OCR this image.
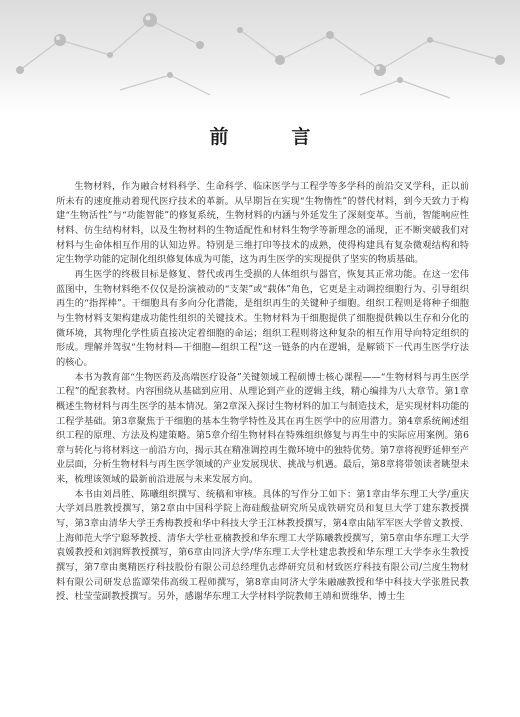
前　言

生物材料，作为融合材料科学、生命科学、临床医学与工程学等多学科的前沿交叉学科，正以前所未有的速度推动着现代医疗技术的革新。从早期旨在实现“生物惰性”的替代材料，到今天致力于构建“生物活性”与“功能智能”的修复系统，生物材料的内涵与外延发生了深刻变革。当前，智能响应性材料、仿生结构材料，以及生物材料的生物适配性和材料生物学等新理念的涌现，正不断突破我们对材料与生命体相互作用的认知边界。特别是三维打印等技术的成熟，使得构建具有复杂微观结构和特定生物学功能的定制化组织修复体成为可能，这为再生医学的实现提供了坚实的物质基础。

再生医学的终极目标是修复、替代或再生受损的人体组织与器官，恢复其正常功能。在这一宏伟蓝图中，生物材料绝不仅仅是扮演被动的“支架”或“载体”角色，它更是主动调控细胞行为、引导组织再生的“指挥棒”。干细胞具有多向分化潜能，是组织再生的关键种子细胞。组织工程则是将种子细胞与生物材料支架构建成功能性组织的关键技术。生物材料为干细胞提供了细胞提供赖以生存和分化的微环境，其物理化学性质直接决定着细胞的命运；组织工程则将这种复杂的相互作用导向特定组织的形成。理解并驾驭“生物材料—干细胞—组织工程”这一链条的内在逻辑，是解锁下一代再生医学疗法的核心。

本书为教育部“生物医药及高端医疗设备”关键领域工程硕博士核心课程——“生物材料与再生医学工程”的配套教材。内容围绕从基础到应用、从理论到产业的逻辑主线，精心编排为八大章节。第1章概述生物材料与再生医学的基本情况。第2章深入探讨生物材料的加工与制造技术，是实现材料功能的工程学基础。第3章聚焦于干细胞的基本生物学特性及其在再生医学中的应用潜力。第4章系统阐述组织工程的原理、方法及构建策略。第5章介绍生物材料在特殊组织修复与再生中的实际应用案例。第6章与转化与将材料这一前沿方向，揭示其在精准调控再生微环境中的独特优势。第7章将视野延伸至产业层面，分析生物材料与再生医学领域的产业发展现状、挑战与机遇。最后，第8章将带领读者眺望未来，梳理该领域的最新前沿进展与未来发展方向。

本书由刘昌胜、陈曦组织撰写、统稿和审核。具体的写作分工如下：第1章由华东理工大学/重庆大学刘昌胜教授撰写，第2章由中国科学院上海硅酸盐研究所吴成铁研究员和复旦大学丁建东教授撰写，第3章由清华大学王秀梅教授和华中科技大学王江林教授撰写，第4章由陆军军医大学曾文教授、上海师范大学宁聪琴教授、清华大学杜亚楠教授和华东理工大学陈曦教授撰写，第5章由华东理工大学袁媛教授和刘润辉教授撰写，第6章由同济大学/华东理工大学杜建忠教授和华东理工大学李永生教授撰写，第7章由奥精医疗科技股份有限公司总经理仇志烨研究员和材致医疗科技有限公司/兰度生物材料有限公司研发总监谭荣伟高级工程师撰写，第8章由同济大学朱融融教授和华中科技大学张胜民教授、杜莹莹副教授撰写。另外，感谢华东理工大学材料学院教师王靖和贾维华、博士生
